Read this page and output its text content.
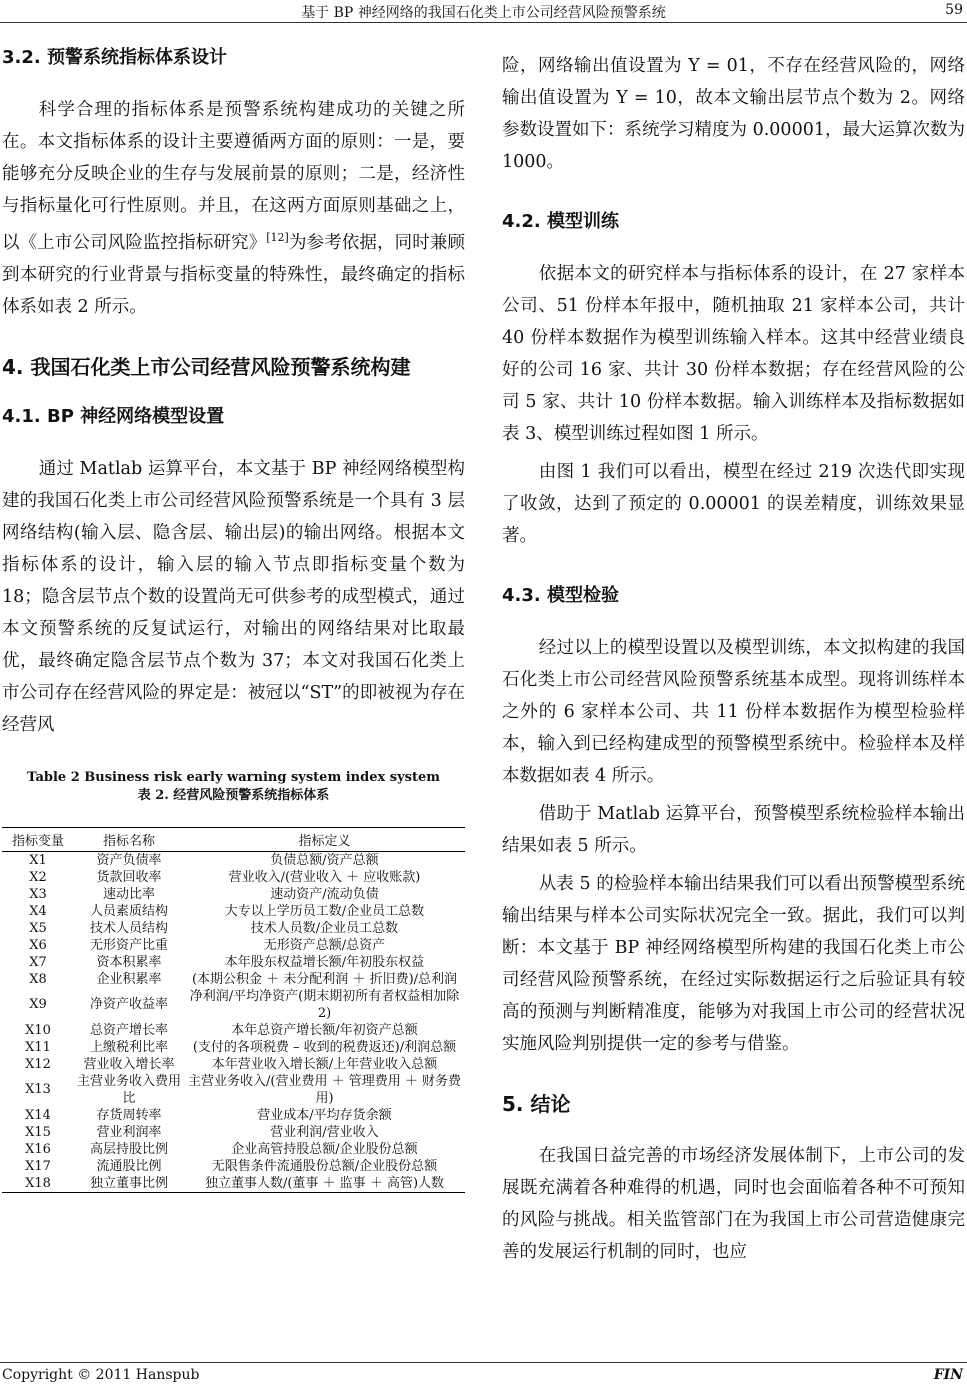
基于 BP 神经网络的我国石化类上市公司经营风险预警系统	59
3.2. 预警系统指标体系设计

科学合理的指标体系是预警系统构建成功的关键之所在。本文指标体系的设计主要遵循两方面的原则：一是，要能够充分反映企业的生存与发展前景的原则；二是，经济性与指标量化可行性原则。并且，在这两方面原则基础之上，以《上市公司风险监控指标研究》[12]为参考依据，同时兼顾到本研究的行业背景与指标变量的特殊性，最终确定的指标体系如表 2 所示。

4. 我国石化类上市公司经营风险预警系统构建
4.1. BP 神经网络模型设置

通过 Matlab 运算平台，本文基于 BP 神经网络模型构建的我国石化类上市公司经营风险预警系统是一个具有 3 层网络结构(输入层、隐含层、输出层)的输出网络。根据本文指标体系的设计，输入层的输入节点即指标变量个数为 18；隐含层节点个数的设置尚无可供参考的成型模式，通过本文预警系统的反复试运行，对输出的网络结果对比取最优，最终确定隐含层节点个数为 37；本文对我国石化类上市公司存在经营风险的界定是：被冠以“ST”的即被视为存在经营风

Table 2 Business risk early warning system index system
表 2. 经营风险预警系统指标体系
指标变量	指标名称	指标定义
X1	资产负债率	负债总额/资产总额
X2	货款回收率	营业收入/(营业收入 ＋ 应收账款)
X3	速动比率	速动资产/流动负债
X4	人员素质结构	大专以上学历员工数/企业员工总数
X5	技术人员结构	技术人员数/企业员工总数
X6	无形资产比重	无形资产总额/总资产
X7	资本积累率	本年股东权益增长额/年初股东权益
X8	企业积累率	(本期公积金 ＋ 未分配利润 ＋ 折旧费)/总利润
X9	净资产收益率	净利润/平均净资产(期末期初所有者权益相加除 2)
X10	总资产增长率	本年总资产增长额/年初资产总额
X11	上缴税利比率	(支付的各项税费 – 收到的税费返还)/利润总额
X12	营业收入增长率	本年营业收入增长额/上年营业收入总额
X13	主营业务收入费用比	主营业务收入/(营业费用 ＋ 管理费用 ＋ 财务费用)
X14	存货周转率	营业成本/平均存货余额
X15	营业利润率	营业利润/营业收入
X16	高层持股比例	企业高管持股总额/企业股份总额
X17	流通股比例	无限售条件流通股份总额/企业股份总额
X18	独立董事比例	独立董事人数/(董事 ＋ 监事 ＋ 高管)人数

险，网络输出值设置为 Y = 01，不存在经营风险的，网络输出值设置为 Y = 10，故本文输出层节点个数为 2。网络参数设置如下：系统学习精度为 0.00001，最大运算次数为 1000。

4.2. 模型训练

依据本文的研究样本与指标体系的设计，在 27 家样本公司、51 份样本年报中，随机抽取 21 家样本公司，共计 40 份样本数据作为模型训练输入样本。这其中经营业绩良好的公司 16 家、共计 30 份样本数据；存在经营风险的公司 5 家、共计 10 份样本数据。输入训练样本及指标数据如表 3、模型训练过程如图 1 所示。

由图 1 我们可以看出，模型在经过 219 次迭代即实现了收敛，达到了预定的 0.00001 的误差精度，训练效果显著。

4.3. 模型检验

经过以上的模型设置以及模型训练，本文拟构建的我国石化类上市公司经营风险预警系统基本成型。现将训练样本之外的 6 家样本公司、共 11 份样本数据作为模型检验样本，输入到已经构建成型的预警模型系统中。检验样本及样本数据如表 4 所示。

借助于 Matlab 运算平台，预警模型系统检验样本输出结果如表 5 所示。

从表 5 的检验样本输出结果我们可以看出预警模型系统输出结果与样本公司实际状况完全一致。据此，我们可以判断：本文基于 BP 神经网络模型所构建的我国石化类上市公司经营风险预警系统，在经过实际数据运行之后验证具有较高的预测与判断精准度，能够为对我国上市公司的经营状况实施风险判别提供一定的参考与借鉴。

5. 结论

在我国日益完善的市场经济发展体制下，上市公司的发展既充满着各种难得的机遇，同时也会面临着各种不可预知的风险与挑战。相关监管部门在为我国上市公司营造健康完善的发展运行机制的同时，也应

Copyright © 2011 Hanspub	FIN
